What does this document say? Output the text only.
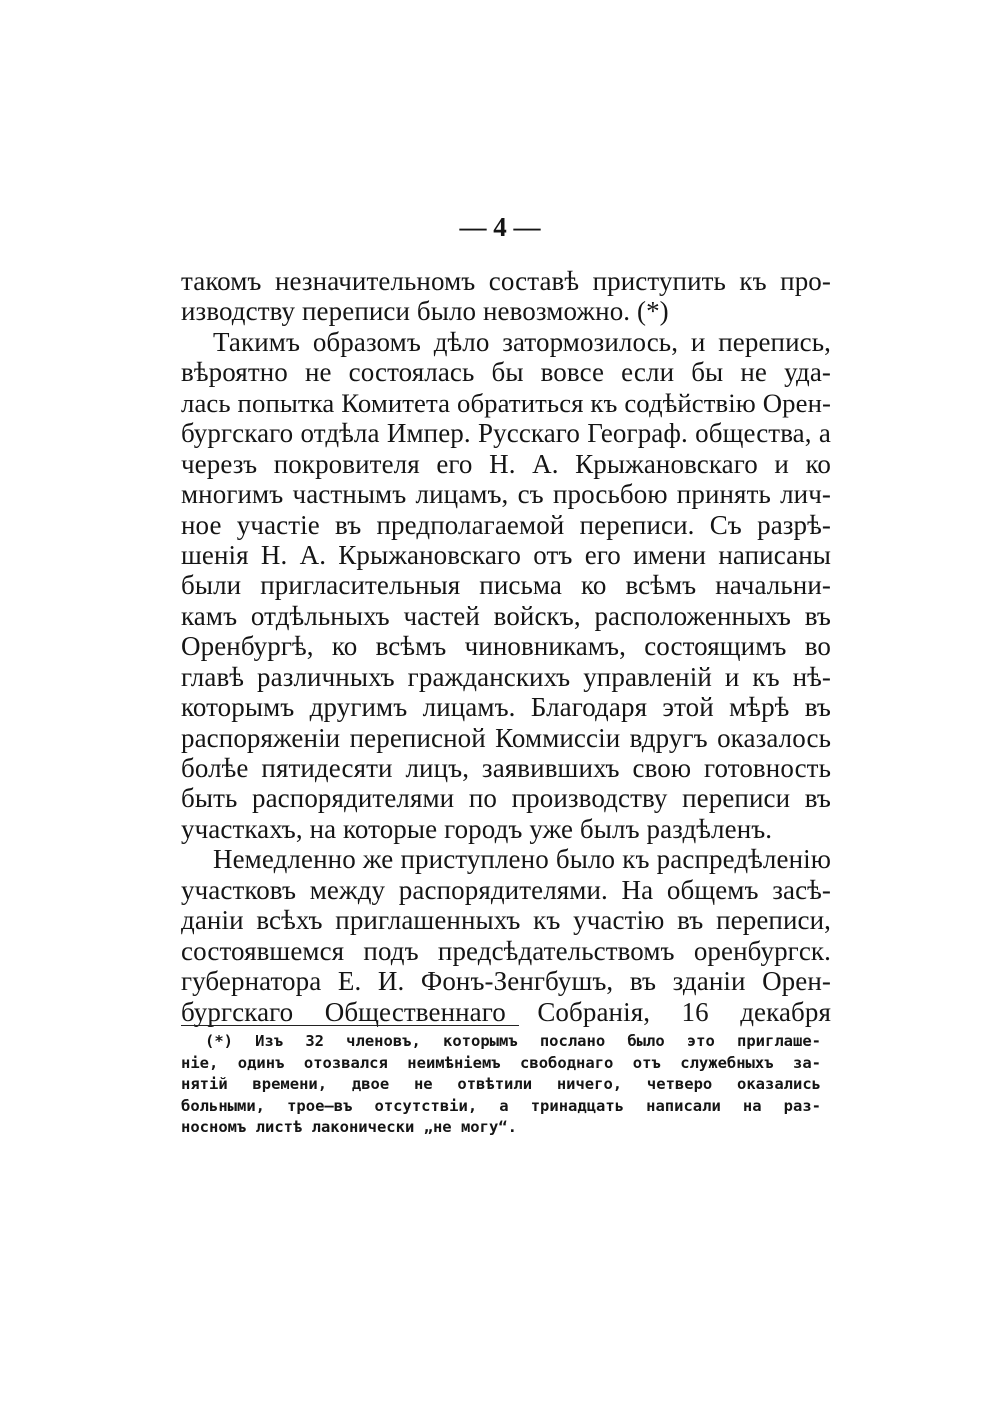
— 4 —
такомъ незначительномъ составѣ приступить къ про-
изводству переписи было невозможно. (*)
Такимъ образомъ дѣло затормозилось, и перепись,
вѣроятно не состоялась бы вовсе если бы не уда-
лась попытка Комитета обратиться къ содѣйствію Орен-
бургскаго отдѣла Импер. Русскаго Географ. общества, а
черезъ покровителя его Н. А. Крыжановскаго и ко
многимъ частнымъ лицамъ, съ просьбою принять лич-
ное участіе въ предполагаемой переписи. Съ разрѣ-
шенія Н. А. Крыжановскаго отъ его имени написаны
были пригласительныя письма ко всѣмъ начальни-
камъ отдѣльныхъ частей войскъ, расположенныхъ въ
Оренбургѣ, ко всѣмъ чиновникамъ, состоящимъ во
главѣ различныхъ гражданскихъ управленій и къ нѣ-
которымъ другимъ лицамъ. Благодаря этой мѣрѣ въ
распоряженіи переписной Коммиссіи вдругъ оказалось
болѣе пятидесяти лицъ, заявившихъ свою готовность
быть распорядителями по производству переписи въ
участкахъ, на которые городъ уже былъ раздѣленъ.
Немедленно же приступлено было къ распредѣленію
участковъ между распорядителями. На общемъ засѣ-
даніи всѣхъ приглашенныхъ къ участію въ переписи,
состоявшемся подъ предсѣдательствомъ оренбургск.
губернатора Е. И. Фонъ-Зенгбушъ, въ зданіи Орен-
бургскаго Общественнаго Собранія, 16 декабря
(*) Изъ 32 членовъ, которымъ послано было это приглаше-
ніе, одинъ отозвался неимѣніемъ свободнаго отъ служебныхъ за-
нятій времени, двое не отвѣтили ничего, четверо оказались
больными, трое—въ отсутствіи, а тринадцать написали на раз-
носномъ листѣ лаконически „не могу“.
